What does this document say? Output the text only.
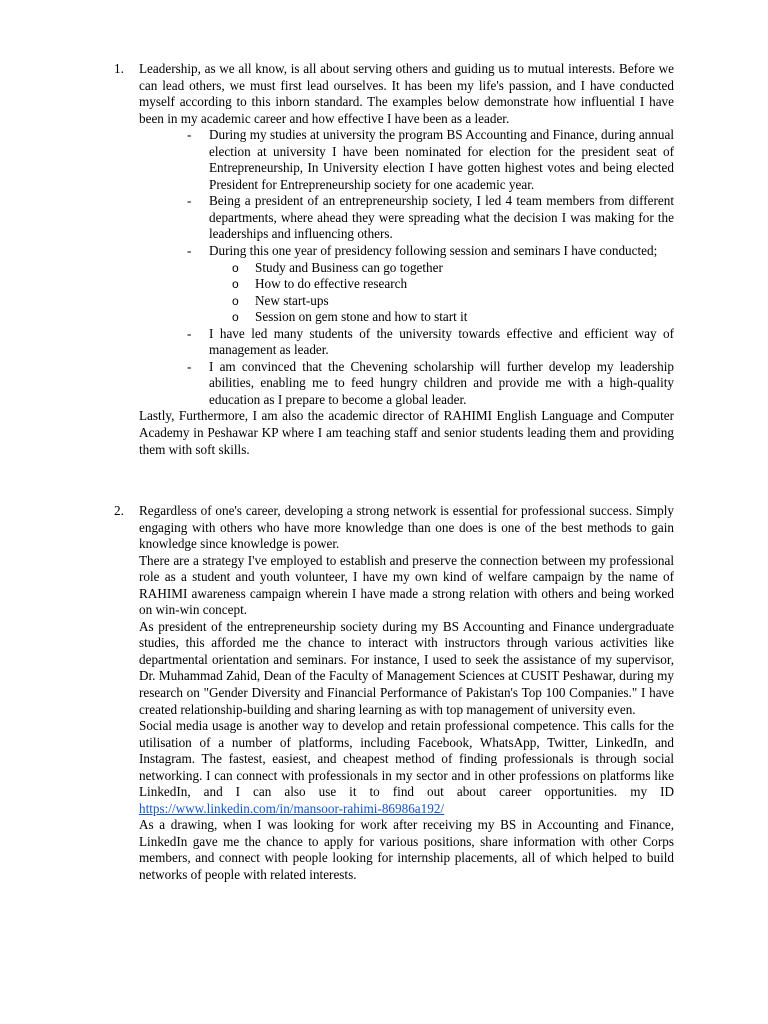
1. Leadership, as we all know, is all about serving others and guiding us to mutual interests. Before we can lead others, we must first lead ourselves. It has been my life's passion, and I have conducted myself according to this inborn standard. The examples below demonstrate how influential I have been in my academic career and how effective I have been as a leader.

- During my studies at university the program BS Accounting and Finance, during annual election at university I have been nominated for election for the president seat of Entrepreneurship, In University election I have gotten highest votes and being elected President for Entrepreneurship society for one academic year.
- Being a president of an entrepreneurship society, I led 4 team members from different departments, where ahead they were spreading what the decision I was making for the leaderships and influencing others.
- During this one year of presidency following session and seminars I have conducted;
o Study and Business can go together
o How to do effective research
o New start-ups
o Session on gem stone and how to start it
- I have led many students of the university towards effective and efficient way of management as leader.
- I am convinced that the Chevening scholarship will further develop my leadership abilities, enabling me to feed hungry children and provide me with a high-quality education as I prepare to become a global leader.

Lastly, Furthermore, I am also the academic director of RAHIMI English Language and Computer Academy in Peshawar KP where I am teaching staff and senior students leading them and providing them with soft skills.

2. Regardless of one's career, developing a strong network is essential for professional success. Simply engaging with others who have more knowledge than one does is one of the best methods to gain knowledge since knowledge is power.

There are a strategy I've employed to establish and preserve the connection between my professional role as a student and youth volunteer, I have my own kind of welfare campaign by the name of RAHIMI awareness campaign wherein I have made a strong relation with others and being worked on win-win concept.

As president of the entrepreneurship society during my BS Accounting and Finance undergraduate studies, this afforded me the chance to interact with instructors through various activities like departmental orientation and seminars. For instance, I used to seek the assistance of my supervisor, Dr. Muhammad Zahid, Dean of the Faculty of Management Sciences at CUSIT Peshawar, during my research on "Gender Diversity and Financial Performance of Pakistan's Top 100 Companies." I have created relationship-building and sharing learning as with top management of university even.

Social media usage is another way to develop and retain professional competence. This calls for the utilisation of a number of platforms, including Facebook, WhatsApp, Twitter, LinkedIn, and Instagram. The fastest, easiest, and cheapest method of finding professionals is through social networking. I can connect with professionals in my sector and in other professions on platforms like LinkedIn, and I can also use it to find out about career opportunities. my ID https://www.linkedin.com/in/mansoor-rahimi-86986a192/

As a drawing, when I was looking for work after receiving my BS in Accounting and Finance, LinkedIn gave me the chance to apply for various positions, share information with other Corps members, and connect with people looking for internship placements, all of which helped to build networks of people with related interests.
